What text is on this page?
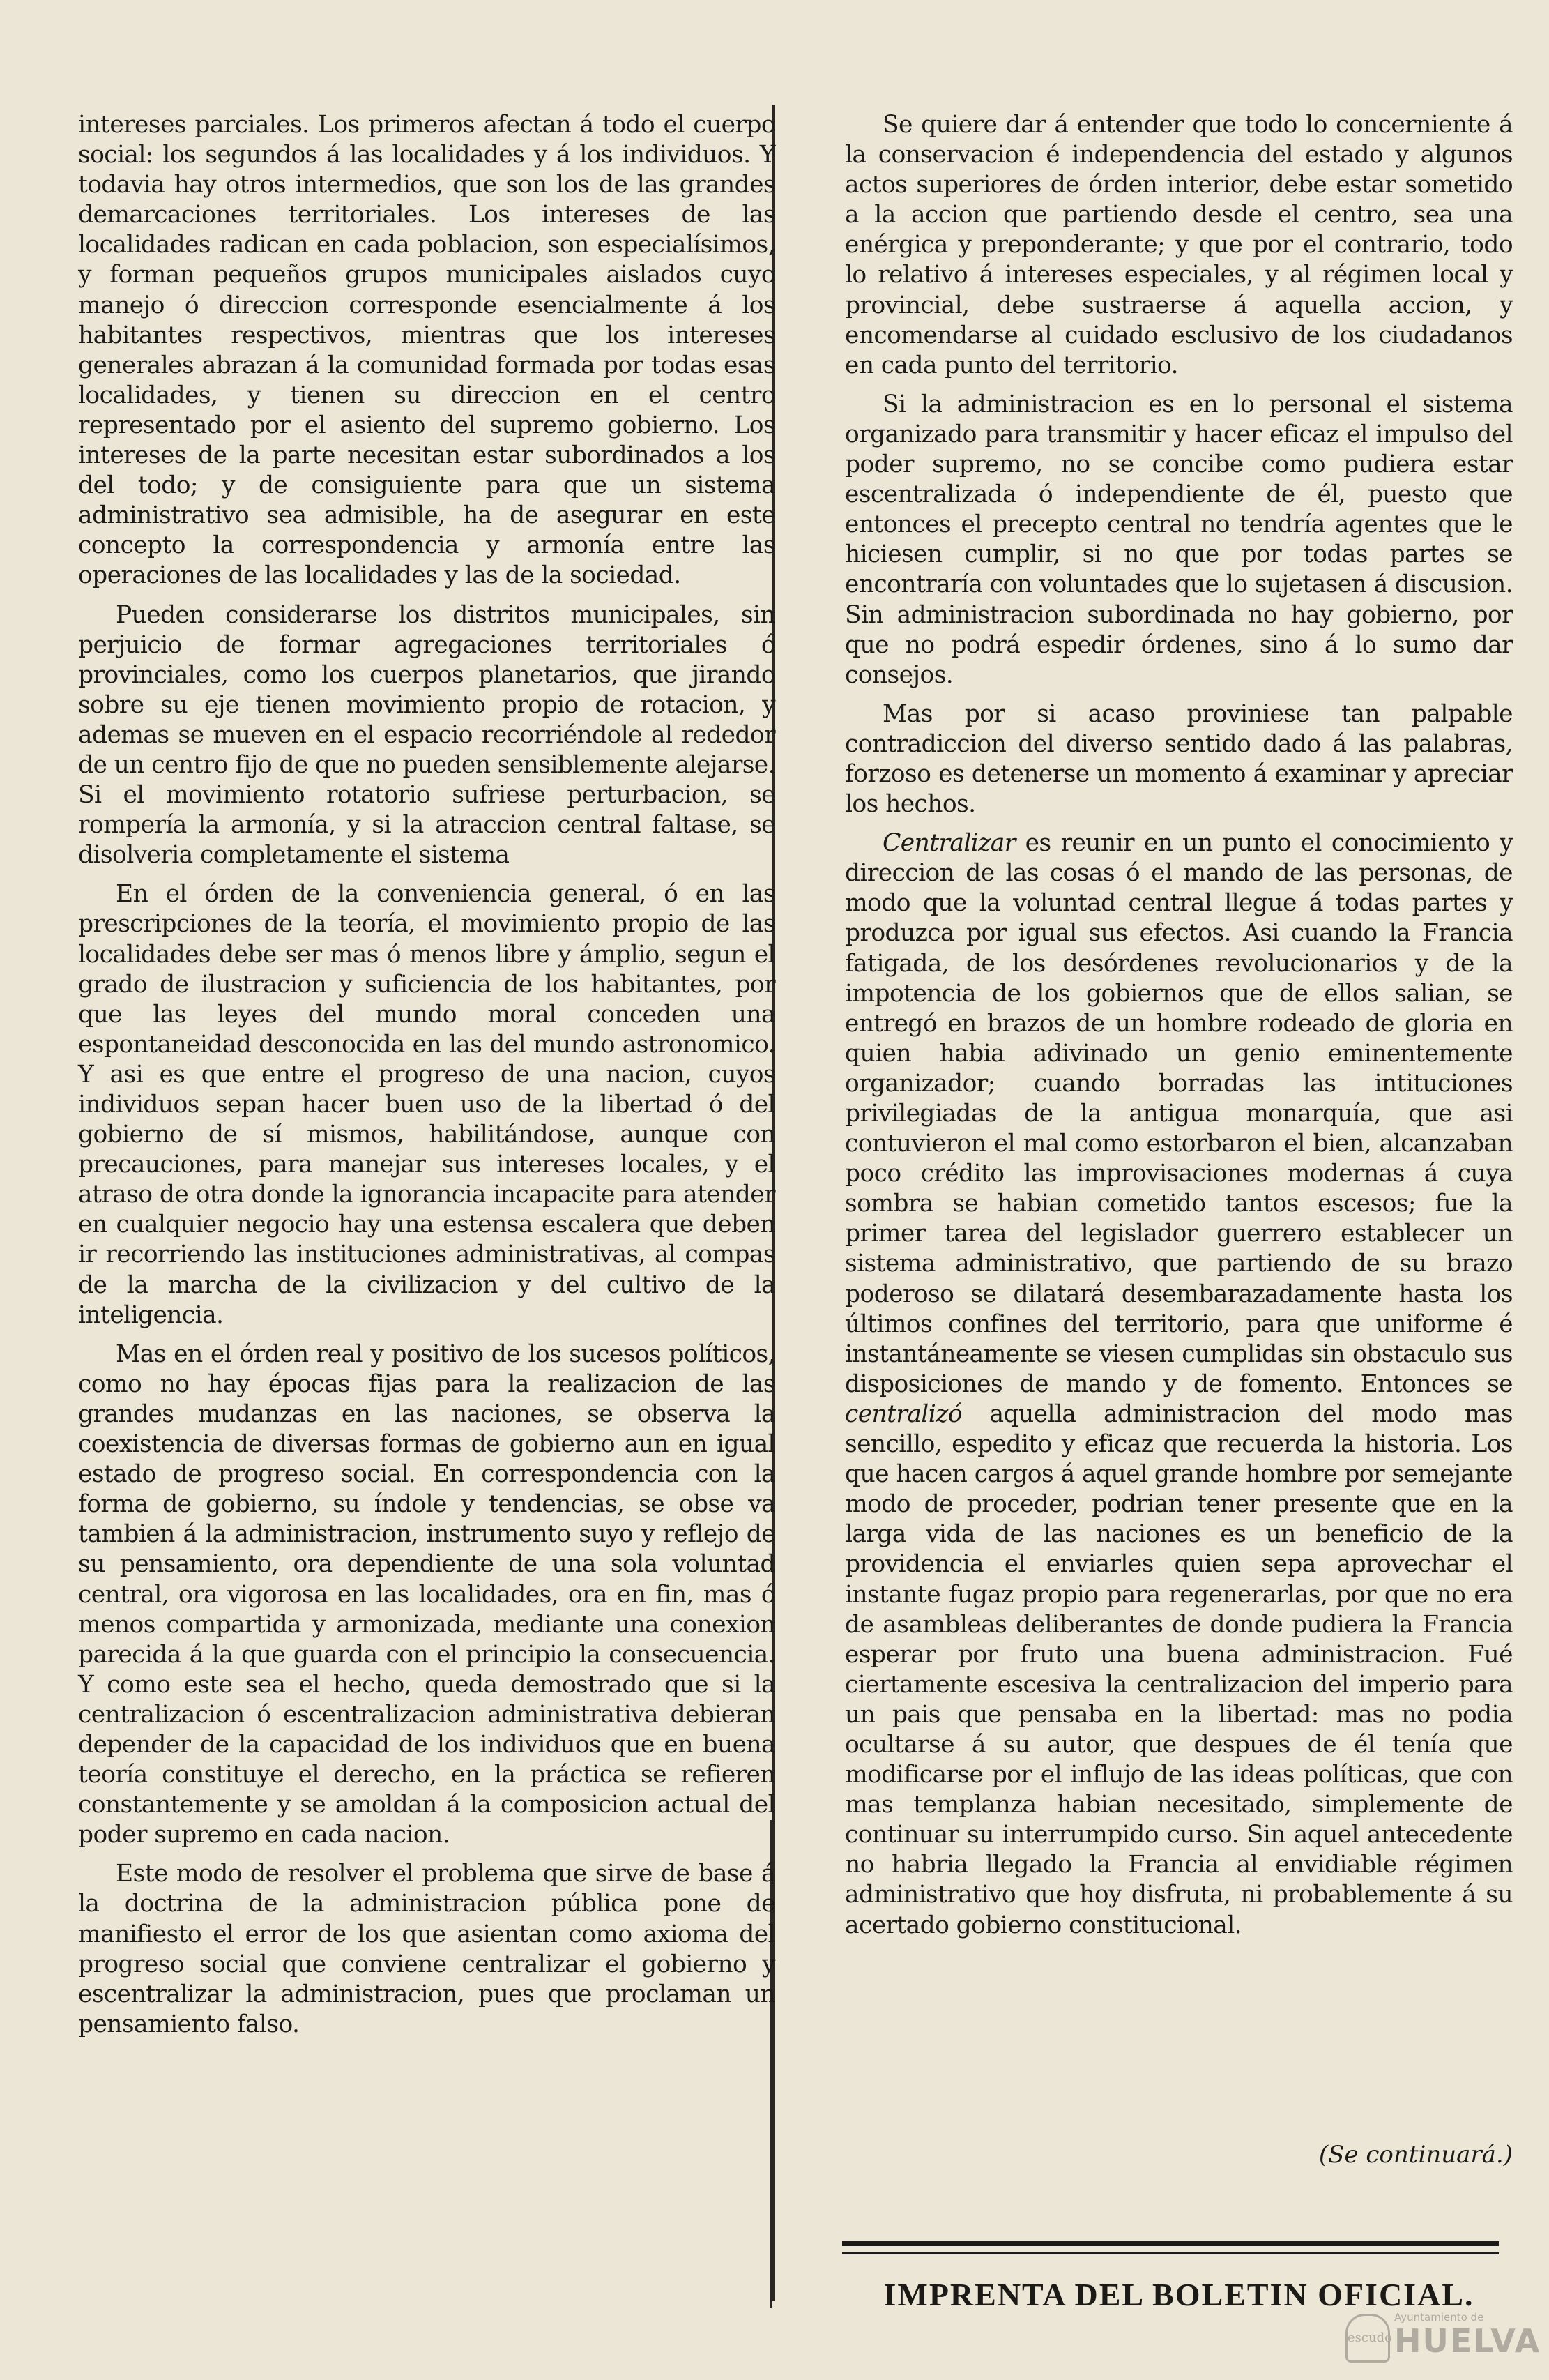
intereses parciales. Los primeros afectan á todo el cuerpo social: los segundos á las localidades y á los individuos. Y todavia hay otros intermedios, que son los de las grandes demarcaciones territoriales. Los intereses de las localidades radican en cada poblacion, son especialísimos, y forman pequeños grupos municipales aislados cuyo manejo ó direccion corresponde esencialmente á los habitantes respectivos, mientras que los intereses generales abrazan á la comunidad formada por todas esas localidades, y tienen su direccion en el centro representado por el asiento del supremo gobierno. Los intereses de la parte necesitan estar subordinados a los del todo; y de consiguiente para que un sistema administrativo sea admisible, ha de asegurar en este concepto la correspondencia y armonía entre las operaciones de las localidades y las de la sociedad.

Pueden considerarse los distritos municipales, sin perjuicio de formar agregaciones territoriales ó provinciales, como los cuerpos planetarios, que jirando sobre su eje tienen movimiento propio de rotacion, y ademas se mueven en el espacio recorriéndole al rededor de un centro fijo de que no pueden sensiblemente alejarse. Si el movimiento rotatorio sufriese perturbacion, se rompería la armonía, y si la atraccion central faltase, se disolveria completamente el sistema

En el órden de la conveniencia general, ó en las prescripciones de la teoría, el movimiento propio de las localidades debe ser mas ó menos libre y ámplio, segun el grado de ilustracion y suficiencia de los habitantes, por que las leyes del mundo moral conceden una espontaneidad desconocida en las del mundo astronomico. Y asi es que entre el progreso de una nacion, cuyos individuos sepan hacer buen uso de la libertad ó del gobierno de sí mismos, habilitándose, aunque con precauciones, para manejar sus intereses locales, y el atraso de otra donde la ignorancia incapacite para atender en cualquier negocio hay una estensa escalera que deben ir recorriendo las instituciones administrativas, al compas de la marcha de la civilizacion y del cultivo de la inteligencia.

Mas en el órden real y positivo de los sucesos políticos, como no hay épocas fijas para la realizacion de las grandes mudanzas en las naciones, se observa la coexistencia de diversas formas de gobierno aun en igual estado de progreso social. En correspondencia con la forma de gobierno, su índole y tendencias, se obse va tambien á la administracion, instrumento suyo y reflejo de su pensamiento, ora dependiente de una sola voluntad central, ora vigorosa en las localidades, ora en fin, mas ó menos compartida y armonizada, mediante una conexion parecida á la que guarda con el principio la consecuencia. Y como este sea el hecho, queda demostrado que si la centralizacion ó escentralizacion administrativa debieran depender de la capacidad de los individuos que en buena teoría constituye el derecho, en la práctica se refieren constantemente y se amoldan á la composicion actual del poder supremo en cada nacion.

Este modo de resolver el problema que sirve de base á la doctrina de la administracion pública pone de manifiesto el error de los que asientan como axioma del progreso social que conviene centralizar el gobierno y escentralizar la administracion, pues que proclaman un pensamiento falso.

Se quiere dar á entender que todo lo concerniente á la conservacion é independencia del estado y algunos actos superiores de órden interior, debe estar sometido a la accion que partiendo desde el centro, sea una enérgica y preponderante; y que por el contrario, todo lo relativo á intereses especiales, y al régimen local y provincial, debe sustraerse á aquella accion, y encomendarse al cuidado esclusivo de los ciudadanos en cada punto del territorio.

Si la administracion es en lo personal el sistema organizado para transmitir y hacer eficaz el impulso del poder supremo, no se concibe como pudiera estar escentralizada ó independiente de él, puesto que entonces el precepto central no tendría agentes que le hiciesen cumplir, si no que por todas partes se encontraría con voluntades que lo sujetasen á discusion. Sin administracion subordinada no hay gobierno, por que no podrá espedir órdenes, sino á lo sumo dar consejos.

Mas por si acaso proviniese tan palpable contradiccion del diverso sentido dado á las palabras, forzoso es detenerse un momento á examinar y apreciar los hechos.

Centralizar es reunir en un punto el conocimiento y direccion de las cosas ó el mando de las personas, de modo que la voluntad central llegue á todas partes y produzca por igual sus efectos. Asi cuando la Francia fatigada, de los desórdenes revolucionarios y de la impotencia de los gobiernos que de ellos salian, se entregó en brazos de un hombre rodeado de gloria en quien habia adivinado un genio eminentemente organizador; cuando borradas las intituciones privilegiadas de la antigua monarquía, que asi contuvieron el mal como estorbaron el bien, alcanzaban poco crédito las improvisaciones modernas á cuya sombra se habian cometido tantos escesos; fue la primer tarea del legislador guerrero establecer un sistema administrativo, que partiendo de su brazo poderoso se dilatará desembarazadamente hasta los últimos confines del territorio, para que uniforme é instantáneamente se viesen cumplidas sin obstaculo sus disposiciones de mando y de fomento. Entonces se centralizó aquella administracion del modo mas sencillo, espedito y eficaz que recuerda la historia. Los que hacen cargos á aquel grande hombre por semejante modo de proceder, podrian tener presente que en la larga vida de las naciones es un beneficio de la providencia el enviarles quien sepa aprovechar el instante fugaz propio para regenerarlas, por que no era de asambleas deliberantes de donde pudiera la Francia esperar por fruto una buena administracion. Fué ciertamente escesiva la centralizacion del imperio para un pais que pensaba en la libertad: mas no podia ocultarse á su autor, que despues de él tenía que modificarse por el influjo de las ideas políticas, que con mas templanza habian necesitado, simplemente de continuar su interrumpido curso. Sin aquel antecedente no habria llegado la Francia al envidiable régimen administrativo que hoy disfruta, ni probablemente á su acertado gobierno constitucional.

(Se continuará.)
IMPRENTA DEL BOLETIN OFICIAL.
escudo
Ayuntamiento de
HUELVA
